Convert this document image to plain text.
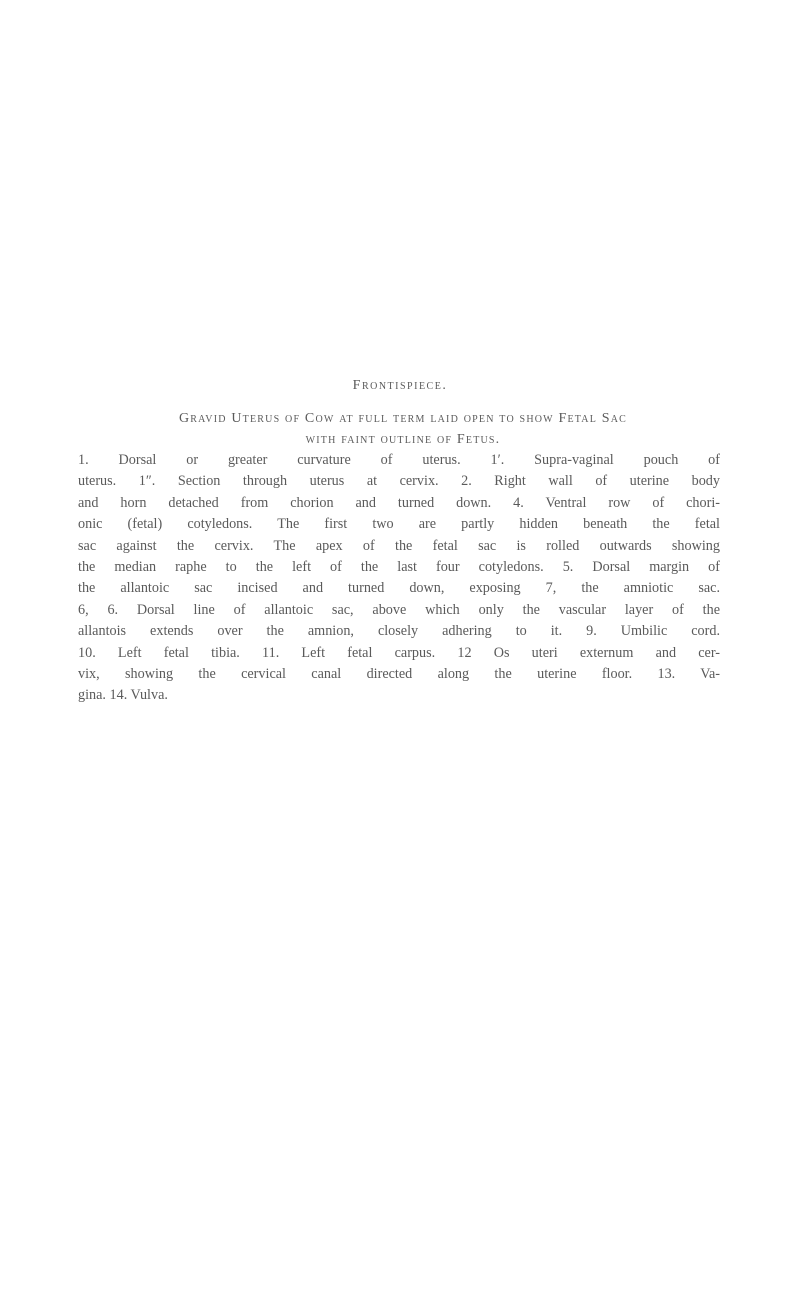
Frontispiece.
Gravid Uterus of Cow at full term laid open to show Fetal Sac
with faint outline of Fetus.
1. Dorsal or greater curvature of uterus. 1′. Supra-vaginal pouch of
uterus. 1″. Section through uterus at cervix. 2. Right wall of uterine body
and horn detached from chorion and turned down. 4. Ventral row of chori-
onic (fetal) cotyledons. The first two are partly hidden beneath the fetal
sac against the cervix. The apex of the fetal sac is rolled outwards showing
the median raphe to the left of the last four cotyledons. 5. Dorsal margin of
the allantoic sac incised and turned down, exposing 7, the amniotic sac.
6, 6. Dorsal line of allantoic sac, above which only the vascular layer of the
allantois extends over the amnion, closely adhering to it. 9. Umbilic cord.
10. Left fetal tibia. 11. Left fetal carpus. 12 Os uteri externum and cer-
vix, showing the cervical canal directed along the uterine floor. 13. Va-
gina. 14. Vulva.
